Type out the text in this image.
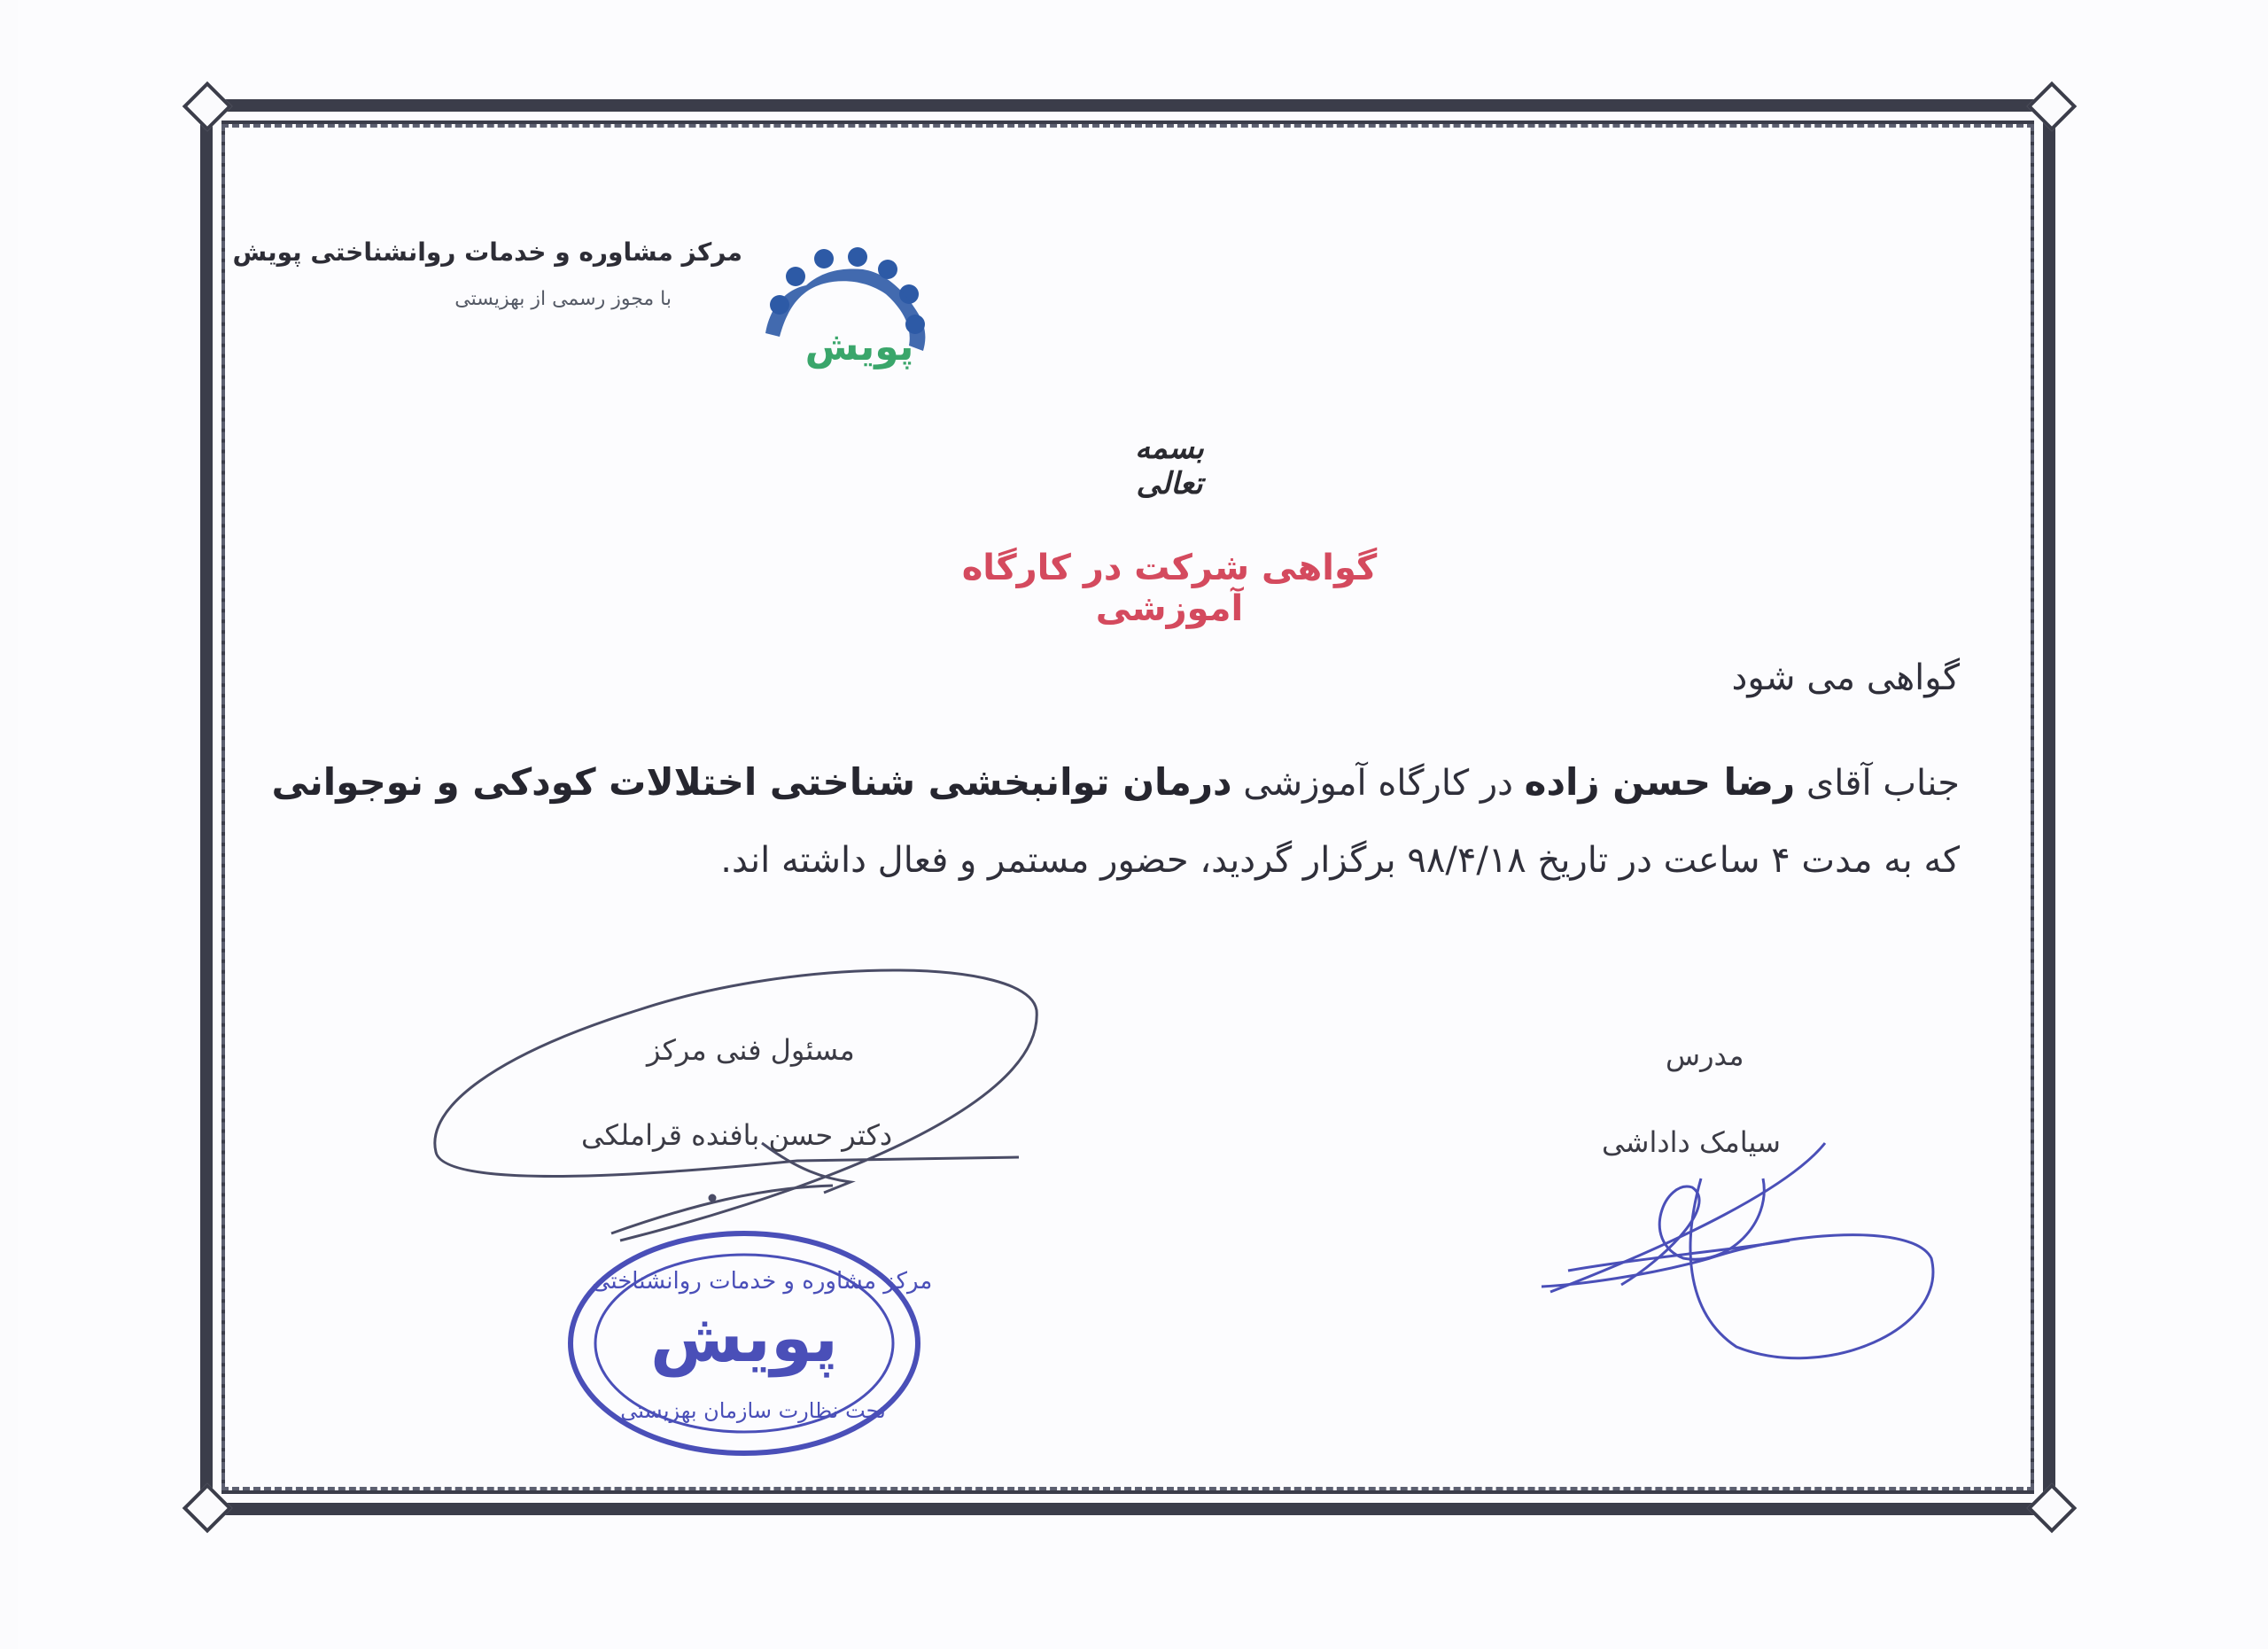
مرکز مشاوره و خدمات روانشناختی پویش
با مجوز رسمی از بهزیستی
پویش
بسمه تعالی
گواهی شرکت در کارگاه آموزشی
گواهی می شود
جناب آقای رضا حسن زاده در کارگاه آموزشی درمان توانبخشی شناختی اختلالات کودکی و نوجوانی
که به مدت ۴ ساعت در تاریخ ۹۸/۴/۱۸ برگزار گردید، حضور مستمر و فعال داشته اند.
مسئول فنی مرکز
دکتر حسن بافنده قراملکی
مدرس
سیامک داداشی
پویش
مرکز مشاوره و خدمات روانشناختی
تحت نظارت سازمان بهزیستی
